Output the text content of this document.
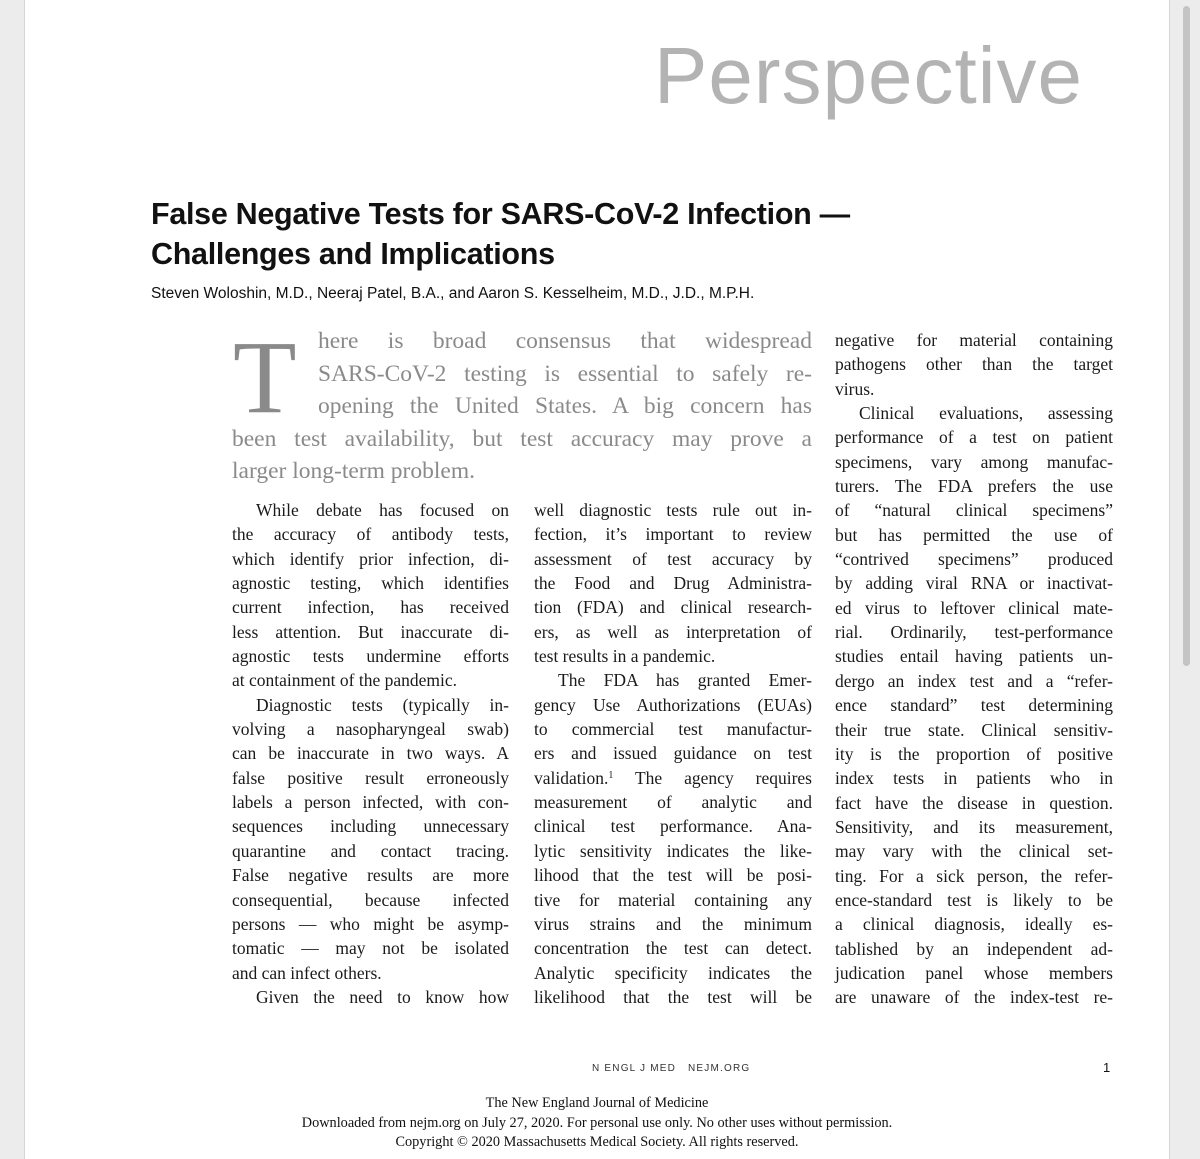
Perspective
False Negative Tests for SARS-CoV-2 Infection —
Challenges and Implications

Steven Woloshin, M.D., Neeraj Patel, B.A., and Aaron S. Kesselheim, M.D., J.D., M.P.H.

T here is broad consensus that widespread
SARS-CoV-2 testing is essential to safely re-
opening the United States. A big concern has
been test availability, but test accuracy may prove a
larger long-term problem.
While debate has focused on
the accuracy of antibody tests,
which identify prior infection, di-
agnostic testing, which identifies
current infection, has received
less attention. But inaccurate di-
agnostic tests undermine efforts
at containment of the pandemic.
Diagnostic tests (typically in-
volving a nasopharyngeal swab)
can be inaccurate in two ways. A
false positive result erroneously
labels a person infected, with con-
sequences including unnecessary
quarantine and contact tracing.
False negative results are more
consequential, because infected
persons — who might be asymp-
tomatic — may not be isolated
and can infect others.
Given the need to know how
well diagnostic tests rule out in-
fection, it’s important to review
assessment of test accuracy by
the Food and Drug Administra-
tion (FDA) and clinical research-
ers, as well as interpretation of
test results in a pandemic.
The FDA has granted Emer-
gency Use Authorizations (EUAs)
to commercial test manufactur-
ers and issued guidance on test
validation.$^1$ The agency requires
measurement of analytic and
clinical test performance. Ana-
lytic sensitivity indicates the like-
lihood that the test will be posi-
tive for material containing any
virus strains and the minimum
concentration the test can detect.
Analytic specificity indicates the
likelihood that the test will be
negative for material containing
pathogens other than the target
virus.
Clinical evaluations, assessing
performance of a test on patient
specimens, vary among manufac-
turers. The FDA prefers the use
of “natural clinical specimens”
but has permitted the use of
“contrived specimens” produced
by adding viral RNA or inactivat-
ed virus to leftover clinical mate-
rial. Ordinarily, test-performance
studies entail having patients un-
dergo an index test and a “refer-
ence standard” test determining
their true state. Clinical sensitiv-
ity is the proportion of positive
index tests in patients who in
fact have the disease in question.
Sensitivity, and its measurement,
may vary with the clinical set-
ting. For a sick person, the refer-
ence-standard test is likely to be
a clinical diagnosis, ideally es-
tablished by an independent ad-
judication panel whose members
are unaware of the index-test re-

N ENGL J MED NEJM.ORG	1

The New England Journal of Medicine
Downloaded from nejm.org on July 27, 2020. For personal use only. No other uses without permission.
Copyright © 2020 Massachusetts Medical Society. All rights reserved.
